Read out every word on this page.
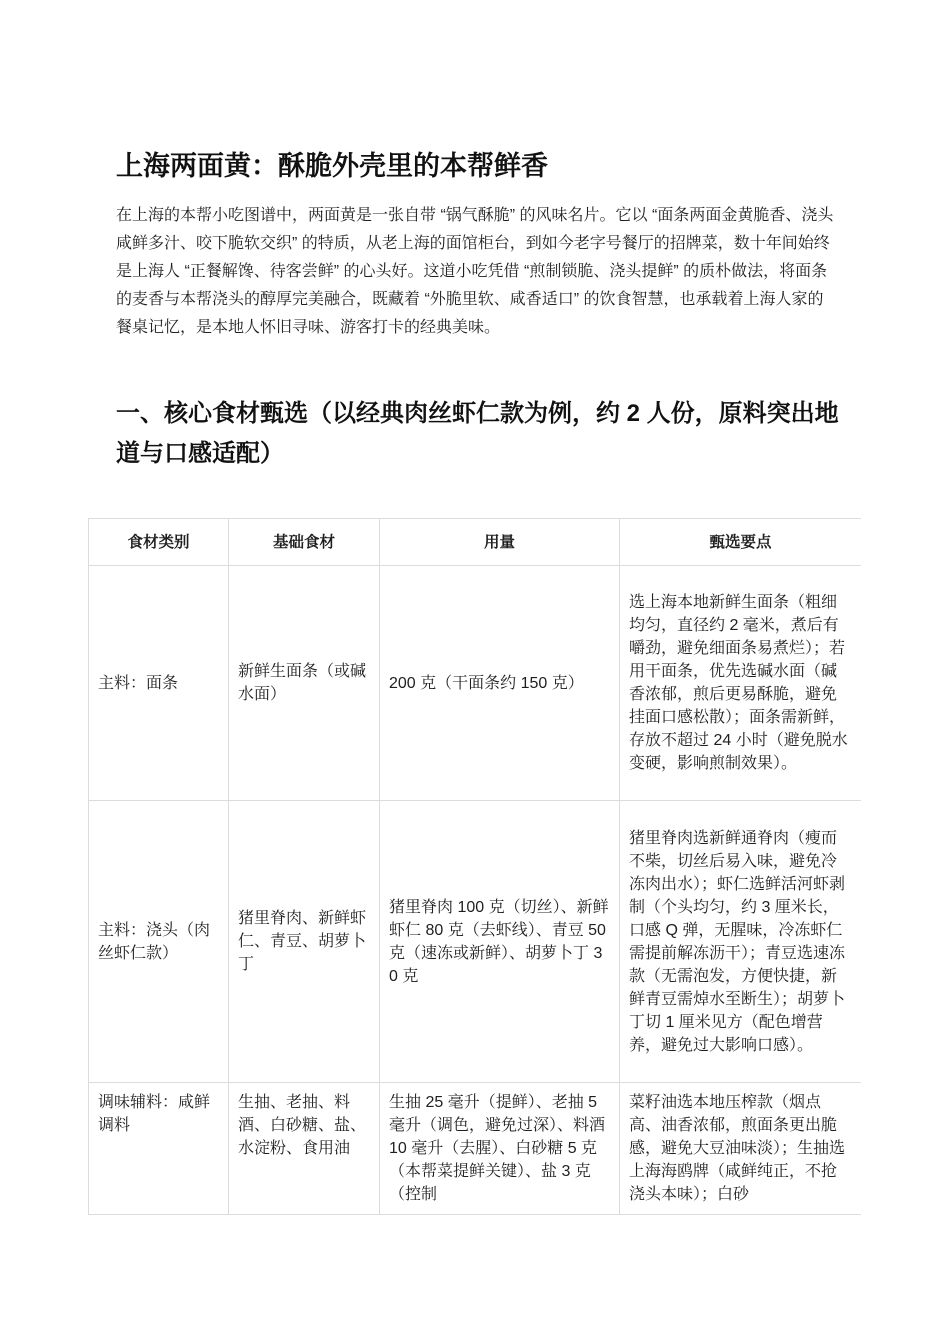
上海两面黄：酥脆外壳里的本帮鲜香

在上海的本帮小吃图谱中，两面黄是一张自带 “锅气酥脆” 的风味名片。它以 “面条两面金黄脆香、浇头咸鲜多汁、咬下脆软交织” 的特质，从老上海的面馆柜台，到如今老字号餐厅的招牌菜，数十年间始终是上海人 “正餐解馋、待客尝鲜” 的心头好。这道小吃凭借 “煎制锁脆、浇头提鲜” 的质朴做法，将面条的麦香与本帮浇头的醇厚完美融合，既藏着 “外脆里软、咸香适口” 的饮食智慧，也承载着上海人家的餐桌记忆，是本地人怀旧寻味、游客打卡的经典美味。

一、核心食材甄选（以经典肉丝虾仁款为例，约 2 人份，原料突出地道与口感适配）
食材类别	基础食材	用量	甄选要点
主料：面条	新鲜生面条（或碱水面）	200 克（干面条约 150 克）	选上海本地新鲜生面条（粗细均匀，直径约 2 毫米，煮后有嚼劲，避免细面条易煮烂）；若用干面条，优先选碱水面（碱香浓郁，煎后更易酥脆，避免挂面口感松散）；面条需新鲜，存放不超过 24 小时（避免脱水变硬，影响煎制效果）。
主料：浇头（肉丝虾仁款）	猪里脊肉、新鲜虾仁、青豆、胡萝卜丁	猪里脊肉 100 克（切丝）、新鲜虾仁 80 克（去虾线）、青豆 50 克（速冻或新鲜）、胡萝卜丁 30 克	猪里脊肉选新鲜通脊肉（瘦而不柴，切丝后易入味，避免冷冻肉出水）；虾仁选鲜活河虾剥制（个头均匀，约 3 厘米长，口感 Q 弹，无腥味，冷冻虾仁需提前解冻沥干）；青豆选速冻款（无需泡发，方便快捷，新鲜青豆需焯水至断生）；胡萝卜丁切 1 厘米见方（配色增营养，避免过大影响口感）。
调味辅料：咸鲜调料	生抽、老抽、料酒、白砂糖、盐、水淀粉、食用油	生抽 25 毫升（提鲜）、老抽 5 毫升（调色，避免过深）、料酒 10 毫升（去腥）、白砂糖 5 克（本帮菜提鲜关键）、盐 3 克（控制	菜籽油选本地压榨款（烟点高、油香浓郁，煎面条更出脆感，避免大豆油味淡）；生抽选上海海鸥牌（咸鲜纯正，不抢浇头本味）；白砂
